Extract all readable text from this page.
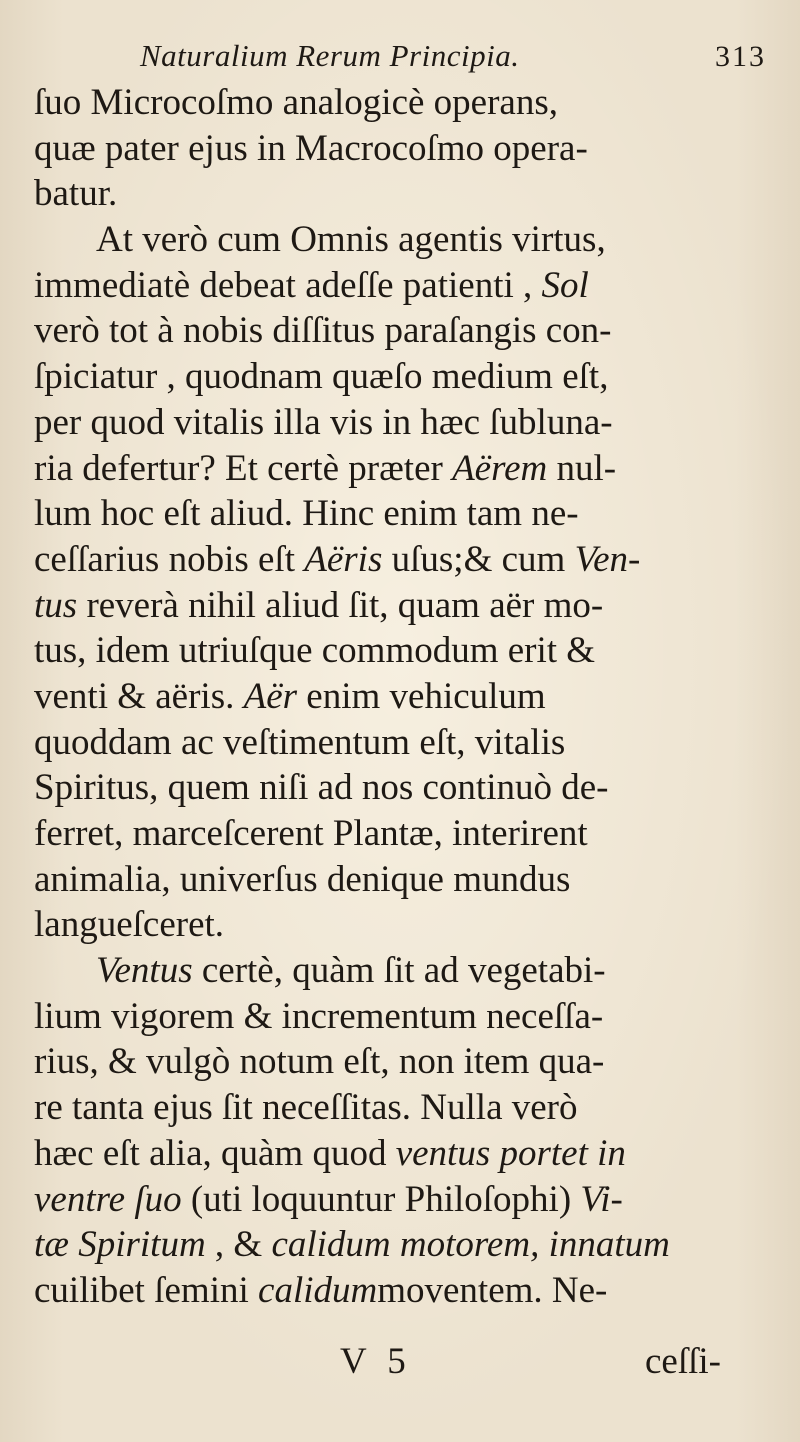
Naturalium Rerum Principia.	313
ſuo Microcoſmo analogicè operans,
quæ pater ejus in Macrocoſmo opera-
batur.
At verò cum Omnis agentis virtus,
immediatè debeat adeſſe patienti , Sol
verò tot à nobis diſſitus paraſangis con-
ſpiciatur , quodnam quæſo medium eſt,
per quod vitalis illa vis in hæc ſubluna-
ria defertur? Et certè præter Aërem nul-
lum hoc eſt aliud. Hinc enim tam ne-
ceſſarius nobis eſt Aëris uſus;& cum Ven-
tus reverà nihil aliud ſit, quam aër mo-
tus, idem utriuſque commodum erit &
venti & aëris. Aër enim vehiculum
quoddam ac veſtimentum eſt, vitalis
Spiritus, quem niſi ad nos continuò de-
ferret, marceſcerent Plantæ, interirent
animalia, univerſus denique mundus
langueſceret.
Ventus certè, quàm ſit ad vegetabi-
lium vigorem & incrementum neceſſa-
rius, & vulgò notum eſt, non item qua-
re tanta ejus ſit neceſſitas. Nulla verò
hæc eſt alia, quàm quod ventus portet in
ventre ſuo (uti loquuntur Philoſophi) Vi-
tæ Spiritum , & calidum motorem, innatum
cuilibet ſemini calidummoventem. Ne-
V 5	ceſſi-
